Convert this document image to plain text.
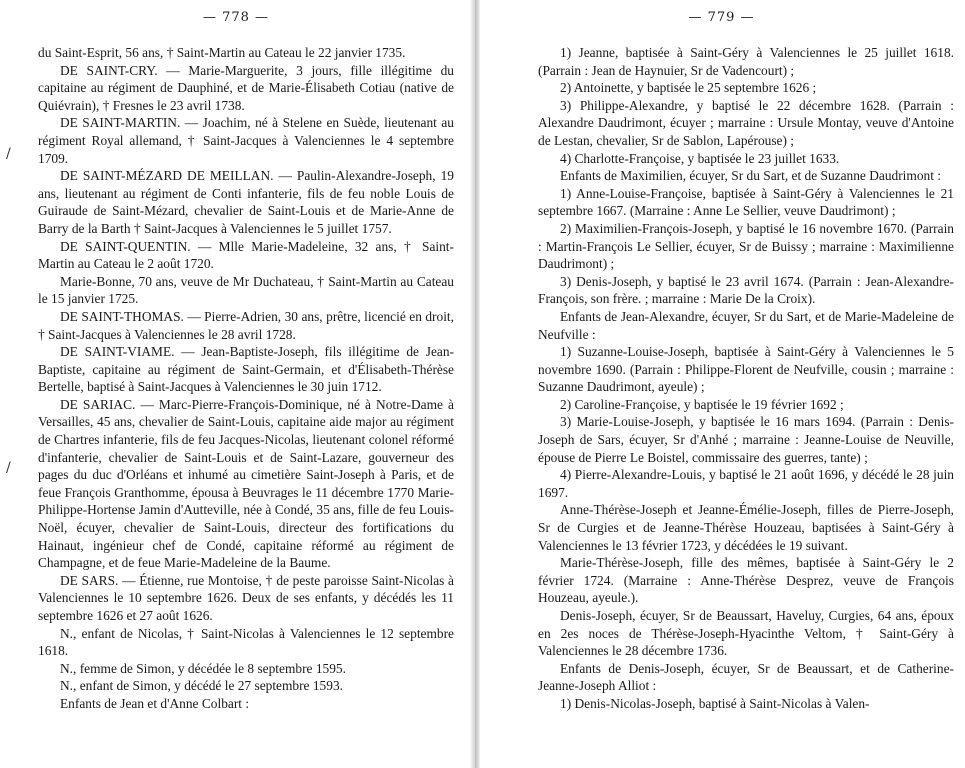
— 778 —
/
/

du Saint-Esprit, 56 ans, † Saint-Martin au Cateau le 22 janvier 1735.

DE SAINT-CRY. — Marie-Marguerite, 3 jours, fille illégitime du capitaine au régiment de Dauphiné, et de Marie-Élisabeth Cotiau (native de Quiévrain), † Fresnes le 23 avril 1738.

DE SAINT-MARTIN. — Joachim, né à Stelene en Suède, lieutenant au régiment Royal allemand, † Saint-Jacques à Valenciennes le 4 septembre 1709.

DE SAINT-MÉZARD DE MEILLAN. — Paulin-Alexandre-Joseph, 19 ans, lieutenant au régiment de Conti infanterie, fils de feu noble Louis de Guiraude de Saint-Mézard, chevalier de Saint-Louis et de Marie-Anne de Barry de la Barth † Saint-Jacques à Valenciennes le 5 juillet 1757.

DE SAINT-QUENTIN. — Mlle Marie-Madeleine, 32 ans, † Saint-Martin au Cateau le 2 août 1720.

Marie-Bonne, 70 ans, veuve de Mr Duchateau, † Saint-Martin au Cateau le 15 janvier 1725.

DE SAINT-THOMAS. — Pierre-Adrien, 30 ans, prêtre, licencié en droit, † Saint-Jacques à Valenciennes le 28 avril 1728.

DE SAINT-VIAME. — Jean-Baptiste-Joseph, fils illégitime de Jean-Baptiste, capitaine au régiment de Saint-Germain, et d'Élisabeth-Thérèse Bertelle, baptisé à Saint-Jacques à Valenciennes le 30 juin 1712.

DE SARIAC. — Marc-Pierre-François-Dominique, né à Notre-Dame à Versailles, 45 ans, chevalier de Saint-Louis, capitaine aide major au régiment de Chartres infanterie, fils de feu Jacques-Nicolas, lieutenant colonel réformé d'infanterie, chevalier de Saint-Louis et de Saint-Lazare, gouverneur des pages du duc d'Orléans et inhumé au cimetière Saint-Joseph à Paris, et de feue François Granthomme, épousa à Beuvrages le 11 décembre 1770 Marie-Philippe-Hortense Jamin d'Autteville, née à Condé, 35 ans, fille de feu Louis-Noël, écuyer, chevalier de Saint-Louis, directeur des fortifications du Hainaut, ingénieur chef de Condé, capitaine réformé au régiment de Champagne, et de feue Marie-Madeleine de la Baume.

DE SARS. — Étienne, rue Montoise, † de peste paroisse Saint-Nicolas à Valenciennes le 10 septembre 1626. Deux de ses enfants, y décédés les 11 septembre 1626 et 27 août 1626.

N., enfant de Nicolas, † Saint-Nicolas à Valenciennes le 12 septembre 1618.

N., femme de Simon, y décédée le 8 septembre 1595.

N., enfant de Simon, y décédé le 27 septembre 1593.

Enfants de Jean et d'Anne Colbart :

— 779 —

1) Jeanne, baptisée à Saint-Géry à Valenciennes le 25 juillet 1618. (Parrain : Jean de Haynuier, Sr de Vadencourt) ;

2) Antoinette, y baptisée le 25 septembre 1626 ;

3) Philippe-Alexandre, y baptisé le 22 décembre 1628. (Parrain : Alexandre Daudrimont, écuyer ; marraine : Ursule Montay, veuve d'Antoine de Lestan, chevalier, Sr de Sablon, Lapérouse) ;

4) Charlotte-Françoise, y baptisée le 23 juillet 1633.

Enfants de Maximilien, écuyer, Sr du Sart, et de Suzanne Daudrimont :

1) Anne-Louise-Françoise, baptisée à Saint-Géry à Valenciennes le 21 septembre 1667. (Marraine : Anne Le Sellier, veuve Daudrimont) ;

2) Maximilien-François-Joseph, y baptisé le 16 novembre 1670. (Parrain : Martin-François Le Sellier, écuyer, Sr de Buissy ; marraine : Maximilienne Daudrimont) ;

3) Denis-Joseph, y baptisé le 23 avril 1674. (Parrain : Jean-Alexandre-François, son frère. ; marraine : Marie De la Croix).

Enfants de Jean-Alexandre, écuyer, Sr du Sart, et de Marie-Madeleine de Neufville :

1) Suzanne-Louise-Joseph, baptisée à Saint-Géry à Valenciennes le 5 novembre 1690. (Parrain : Philippe-Florent de Neufville, cousin ; marraine : Suzanne Daudrimont, ayeule) ;

2) Caroline-Françoise, y baptisée le 19 février 1692 ;

3) Marie-Louise-Joseph, y baptisée le 16 mars 1694. (Parrain : Denis-Joseph de Sars, écuyer, Sr d'Anhé ; marraine : Jeanne-Louise de Neuville, épouse de Pierre Le Boistel, commissaire des guerres, tante) ;

4) Pierre-Alexandre-Louis, y baptisé le 21 août 1696, y décédé le 28 juin 1697.

Anne-Thérèse-Joseph et Jeanne-Émélie-Joseph, filles de Pierre-Joseph, Sr de Curgies et de Jeanne-Thérèse Houzeau, baptisées à Saint-Géry à Valenciennes le 13 février 1723, y décédées le 19 suivant.

Marie-Thérèse-Joseph, fille des mêmes, baptisée à Saint-Géry le 2 février 1724. (Marraine : Anne-Thérèse Desprez, veuve de François Houzeau, ayeule.).

Denis-Joseph, écuyer, Sr de Beaussart, Haveluy, Curgies, 64 ans, époux en 2es noces de Thérèse-Joseph-Hyacinthe Veltom, † Saint-Géry à Valenciennes le 28 décembre 1736.

Enfants de Denis-Joseph, écuyer, Sr de Beaussart, et de Catherine-Jeanne-Joseph Alliot :

1) Denis-Nicolas-Joseph, baptisé à Saint-Nicolas à Valen-
